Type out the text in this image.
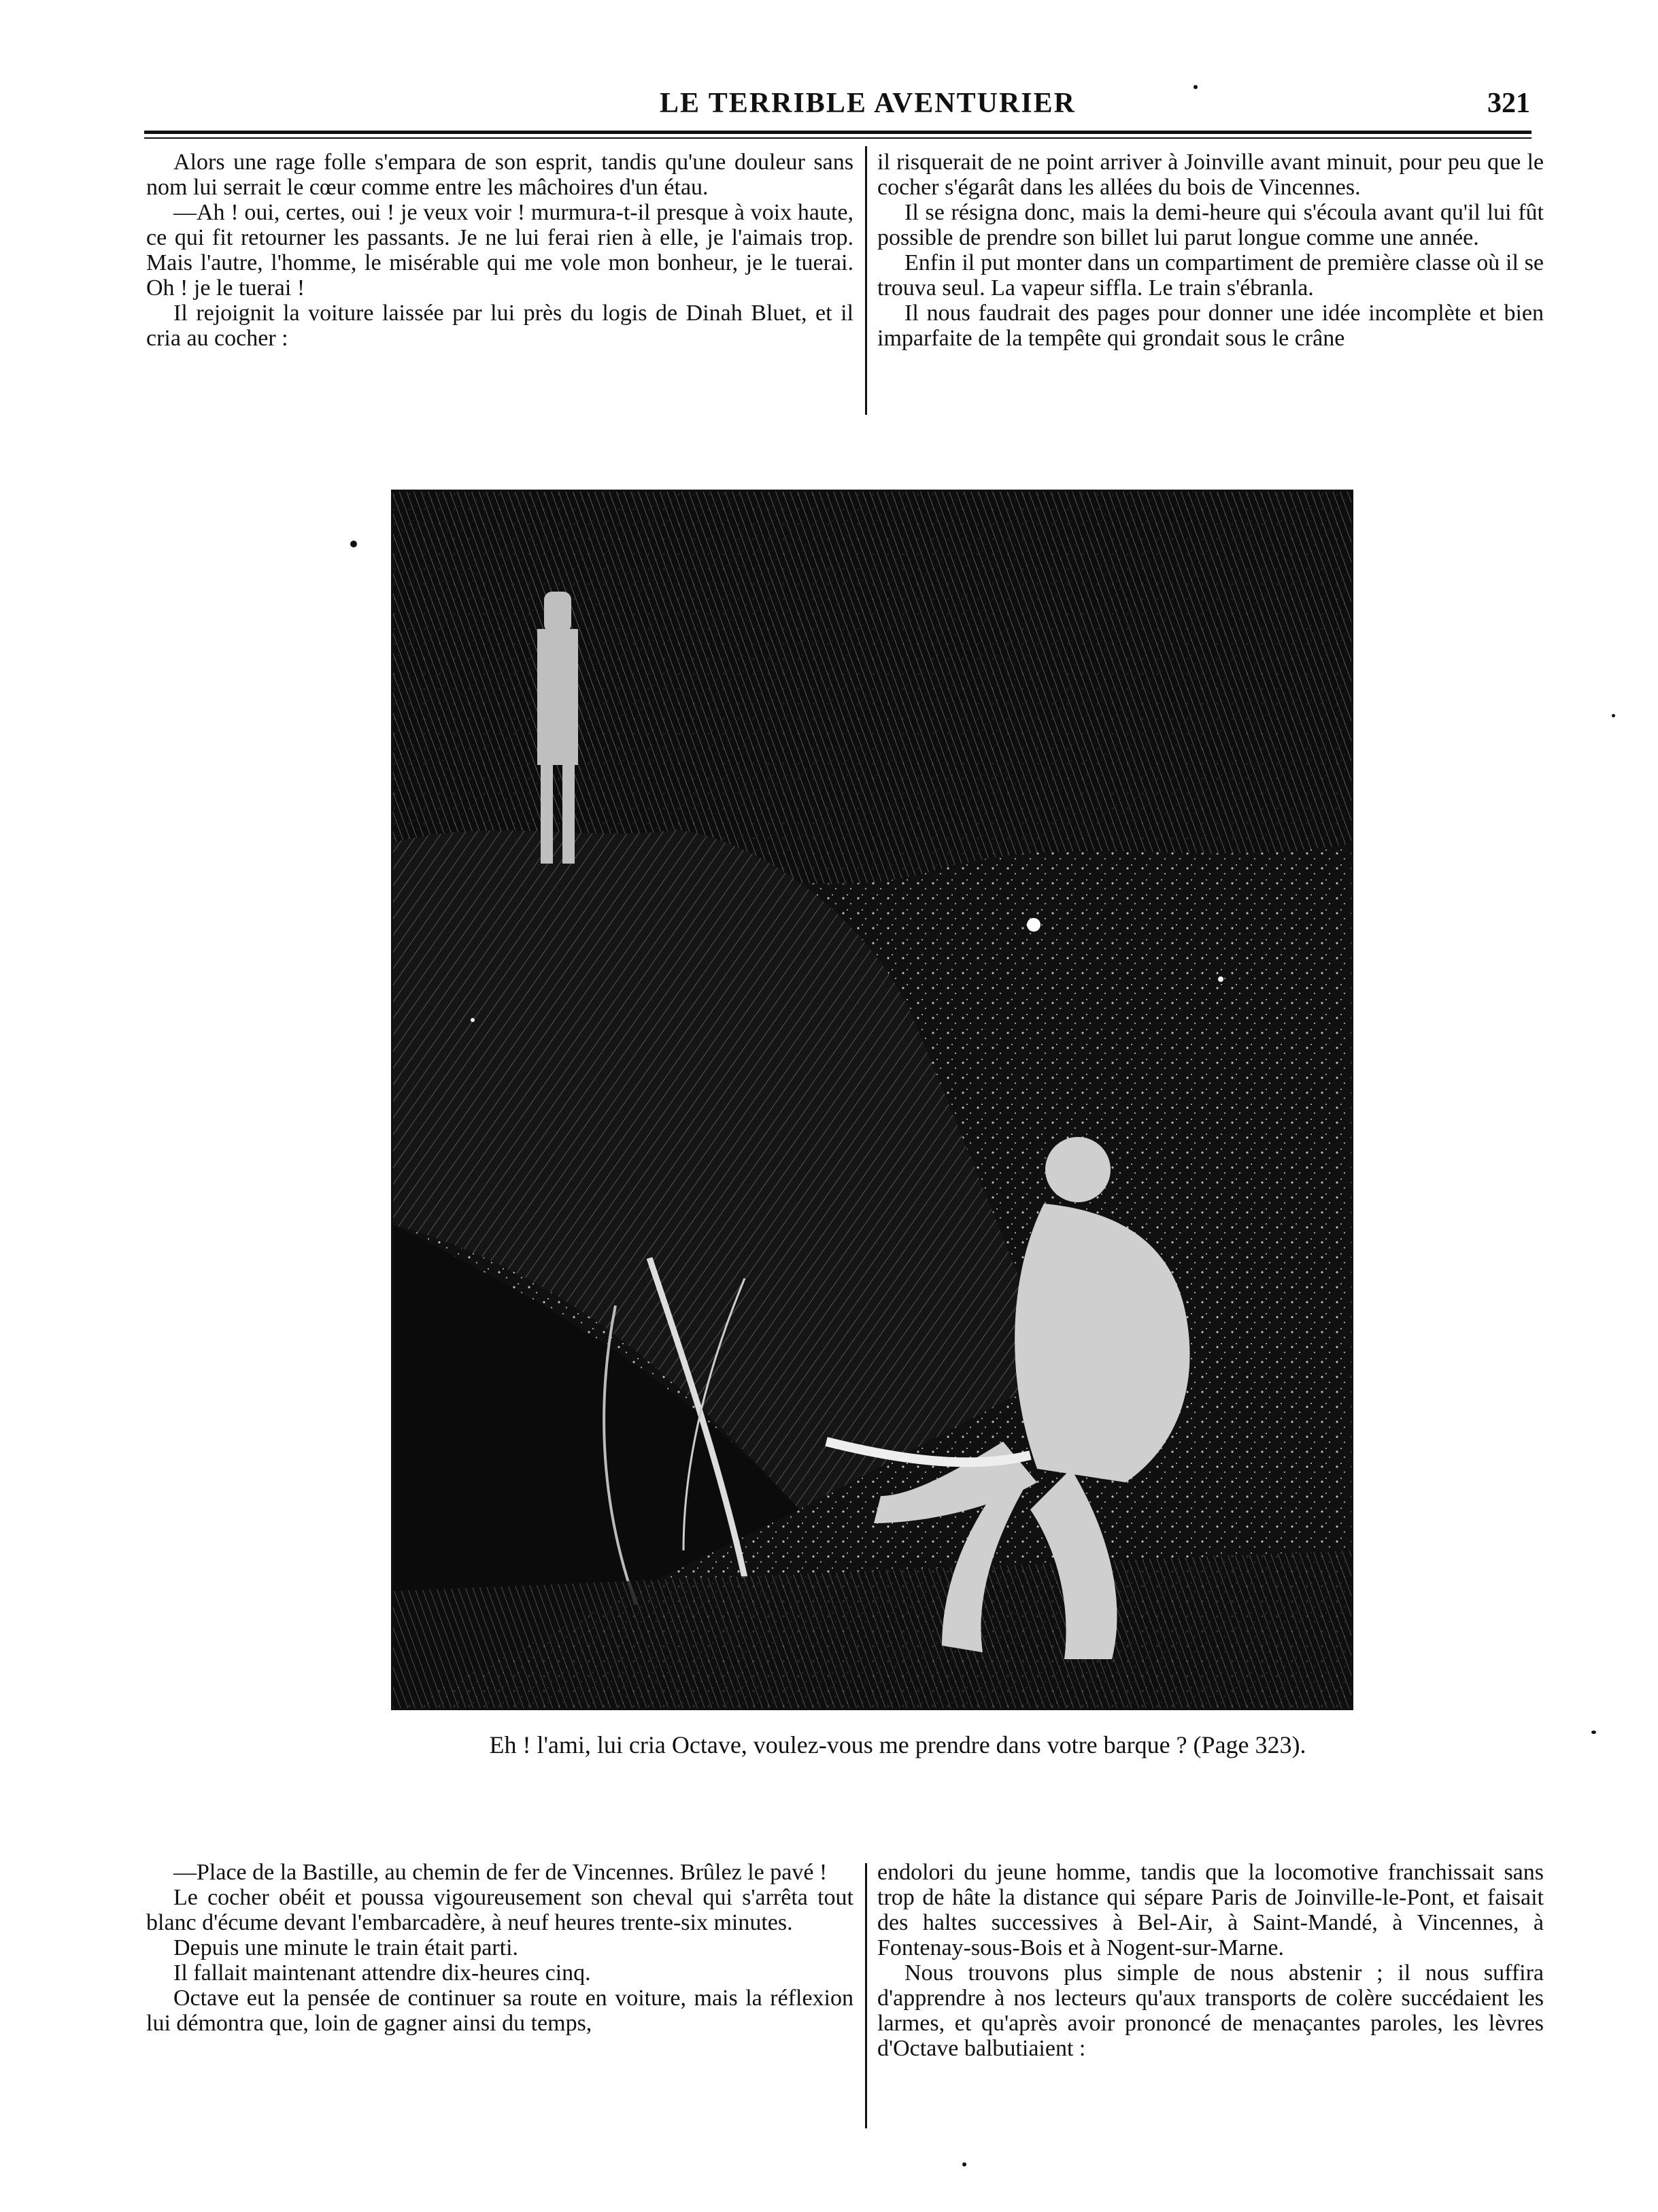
LE TERRIBLE AVENTURIER	321

Alors une rage folle s'empara de son esprit, tandis qu'une douleur sans nom lui serrait le cœur comme entre les mâchoires d'un étau.

—Ah ! oui, certes, oui ! je veux voir ! murmura-t-il presque à voix haute, ce qui fit retourner les passants. Je ne lui ferai rien à elle, je l'aimais trop. Mais l'autre, l'homme, le misérable qui me vole mon bonheur, je le tuerai. Oh ! je le tuerai !

Il rejoignit la voiture laissée par lui près du logis de Dinah Bluet, et il cria au cocher :

il risquerait de ne point arriver à Joinville avant minuit, pour peu que le cocher s'égarât dans les allées du bois de Vincennes.

Il se résigna donc, mais la demi-heure qui s'écoula avant qu'il lui fût possible de prendre son billet lui parut longue comme une année.

Enfin il put monter dans un compartiment de première classe où il se trouva seul. La vapeur siffla. Le train s'ébranla.

Il nous faudrait des pages pour donner une idée incomplète et bien imparfaite de la tempête qui grondait sous le crâne

Eh ! l'ami, lui cria Octave, voulez-vous me prendre dans votre barque ? (Page 323).

—Place de la Bastille, au chemin de fer de Vincennes. Brûlez le pavé !

Le cocher obéit et poussa vigoureusement son cheval qui s'arrêta tout blanc d'écume devant l'embarcadère, à neuf heures trente-six minutes.

Depuis une minute le train était parti.

Il fallait maintenant attendre dix-heures cinq.

Octave eut la pensée de continuer sa route en voiture, mais la réflexion lui démontra que, loin de gagner ainsi du temps,

endolori du jeune homme, tandis que la locomotive franchissait sans trop de hâte la distance qui sépare Paris de Joinville-le-Pont, et faisait des haltes successives à Bel-Air, à Saint-Mandé, à Vincennes, à Fontenay-sous-Bois et à Nogent-sur-Marne.

Nous trouvons plus simple de nous abstenir ; il nous suffira d'apprendre à nos lecteurs qu'aux transports de colère succédaient les larmes, et qu'après avoir prononcé de menaçantes paroles, les lèvres d'Octave balbutiaient :
